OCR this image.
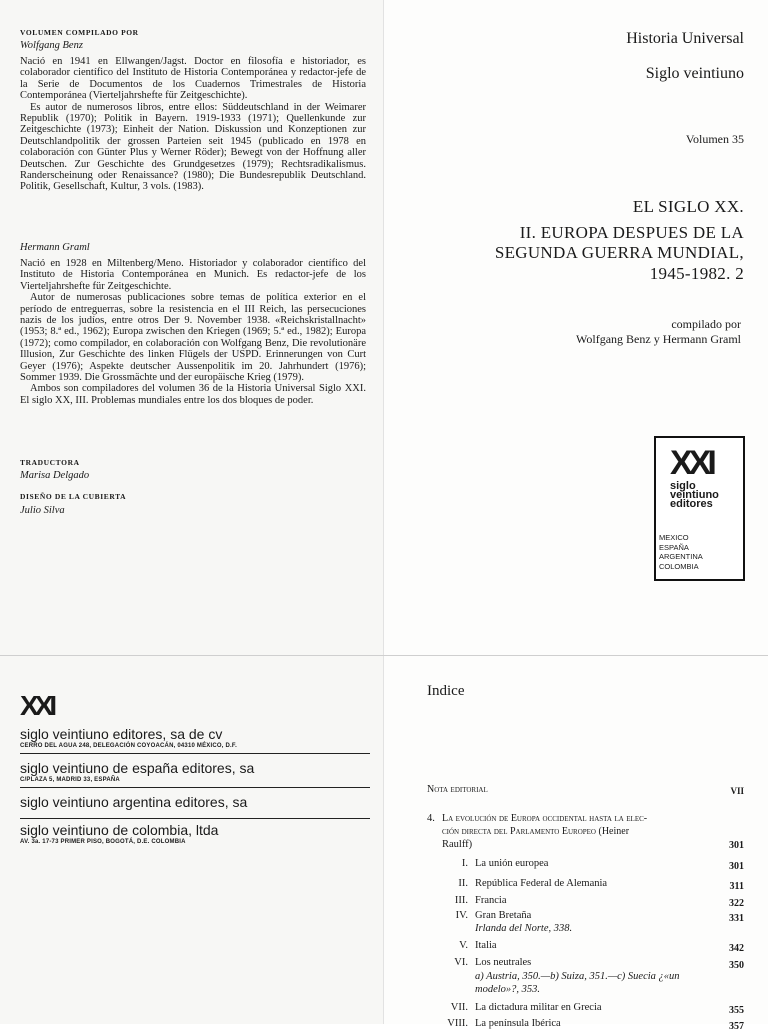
VOLUMEN COMPILADO POR
Wolfgang Benz

Nació en 1941 en Ellwangen/Jagst. Doctor en filosofía e historiador, es colaborador científico del Instituto de Historia Contemporánea y redactor-jefe de la Serie de Documentos de los Cuadernos Trimestrales de Historia Contemporánea (Vierteljahrshefte für Zeitgeschichte).

Es autor de numerosos libros, entre ellos: Süddeutschland in der Weimarer Republik (1970); Politik in Bayern. 1919-1933 (1971); Quellenkunde zur Zeitgeschichte (1973); Einheit der Nation. Diskussion und Konzeptionen zur Deutschlandpolitik der grossen Parteien seit 1945 (publicado en 1978 en colaboración con Günter Plus y Werner Röder); Bewegt von der Hoffnung aller Deutschen. Zur Geschichte des Grundgesetzes (1979); Rechtsradikalismus. Randerscheinung oder Renaissance? (1980); Die Bundesrepublik Deutschland. Politik, Gesellschaft, Kultur, 3 vols. (1983).

Hermann Graml

Nació en 1928 en Miltenberg/Meno. Historiador y colaborador científico del Instituto de Historia Contemporánea en Munich. Es redactor-jefe de los Vierteljahrshefte für Zeitgeschichte.

Autor de numerosas publicaciones sobre temas de política exterior en el período de entreguerras, sobre la resistencia en el III Reich, las persecuciones nazis de los judíos, entre otros Der 9. November 1938. «Reichskristallnacht» (1953; 8.ª ed., 1962); Europa zwischen den Kriegen (1969; 5.ª ed., 1982); Europa (1972); como compilador, en colaboración con Wolfgang Benz, Die revolutionäre Illusion, Zur Geschichte des linken Flügels der USPD. Erinnerungen von Curt Geyer (1976); Aspekte deutscher Aussenpolitik im 20. Jahrhundert (1976); Sommer 1939. Die Grossmächte und der europäische Krieg (1979).

Ambos son compiladores del volumen 36 de la Historia Universal Siglo XXI. El siglo XX, III. Problemas mundiales entre los dos bloques de poder.

TRADUCTORA
Marisa Delgado
DISEÑO DE LA CUBIERTA
Julio Silva
Historia Universal
Siglo veintiuno
Volumen 35
EL SIGLO XX.
II. EUROPA DESPUES DE LA
SEGUNDA GUERRA MUNDIAL,
1945-1982. 2
compilado por
Wolfgang Benz y Hermann Graml
XXI
siglo
veintiuno
editores
MEXICO
ESPAÑA
ARGENTINA
COLOMBIA
XXI
siglo veintiuno editores, sa de cv
CERRO DEL AGUA 248, DELEGACIÓN COYOACÁN, 04310 MÉXICO, D.F.
siglo veintiuno de españa editores, sa
C/PLAZA 5, MADRID 33, ESPAÑA
siglo veintiuno argentina editores, sa
siglo veintiuno de colombia, ltda
AV. 3a. 17-73 PRIMER PISO, BOGOTÁ, D.E. COLOMBIA
Indice
Nota editorial	VII
4. La evolución de Europa occidental hasta la elec-
ción directa del Parlamento Europeo (Heiner
Raulff)	301
I. La unión europea	301
II. República Federal de Alemania	311
III. Francia	322
IV. Gran Bretaña	331
Irlanda del Norte, 338.
V. Italia	342
VI. Los neutrales	350
a) Austria, 350.—b) Suiza, 351.—c) Suecia ¿«un
modelo»?, 353.
VII. La dictadura militar en Grecia	355
VIII. La península Ibérica	357
